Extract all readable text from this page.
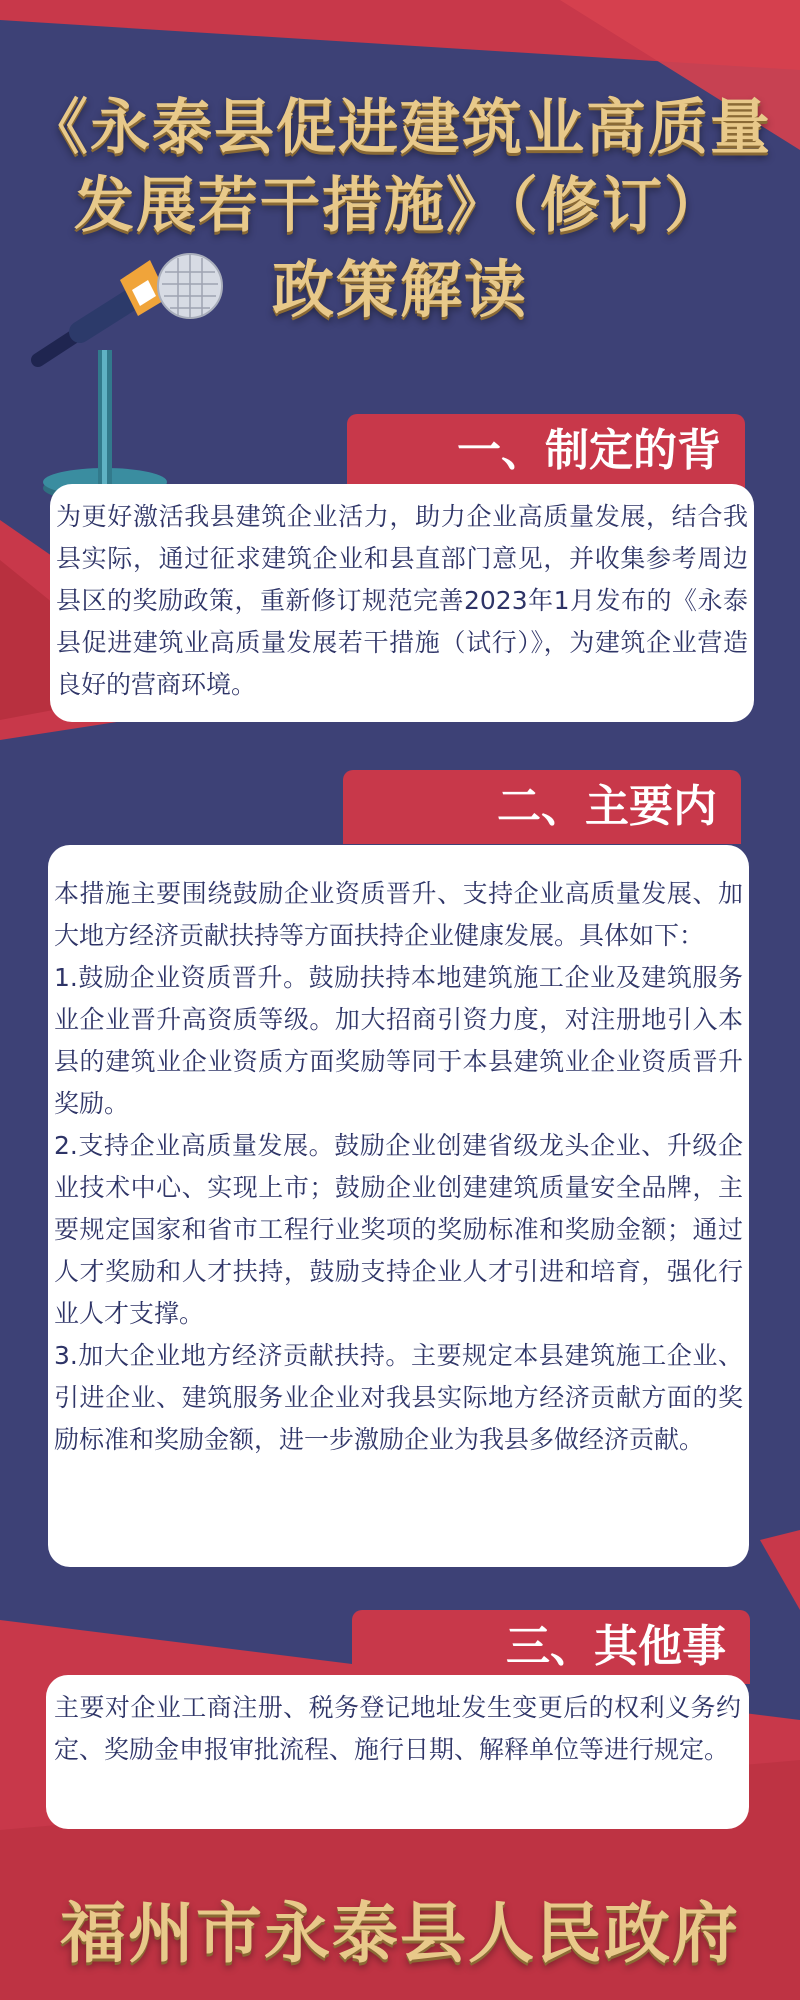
《永泰县促进建筑业高质量
发展若干措施》（修订）
政策解读
一、制定的背

为更好激活我县建筑企业活力，助力企业高质量发展，结合我县实际，通过征求建筑企业和县直部门意见，并收集参考周边县区的奖励政策，重新修订规范完善2023年1月发布的《永泰县促进建筑业高质量发展若干措施（试行）》，为建筑企业营造良好的营商环境。

二、主要内

本措施主要围绕鼓励企业资质晋升、支持企业高质量发展、加大地方经济贡献扶持等方面扶持企业健康发展。具体如下：

1.鼓励企业资质晋升。鼓励扶持本地建筑施工企业及建筑服务业企业晋升高资质等级。加大招商引资力度，对注册地引入本县的建筑业企业资质方面奖励等同于本县建筑业企业资质晋升奖励。

2.支持企业高质量发展。鼓励企业创建省级龙头企业、升级企业技术中心、实现上市；鼓励企业创建建筑质量安全品牌，主要规定国家和省市工程行业奖项的奖励标准和奖励金额；通过人才奖励和人才扶持，鼓励支持企业人才引进和培育，强化行业人才支撑。

3.加大企业地方经济贡献扶持。主要规定本县建筑施工企业、引进企业、建筑服务业企业对我县实际地方经济贡献方面的奖励标准和奖励金额，进一步激励企业为我县多做经济贡献。

三、其他事

主要对企业工商注册、税务登记地址发生变更后的权利义务约定、奖励金申报审批流程、施行日期、解释单位等进行规定。

福州市永泰县人民政府
